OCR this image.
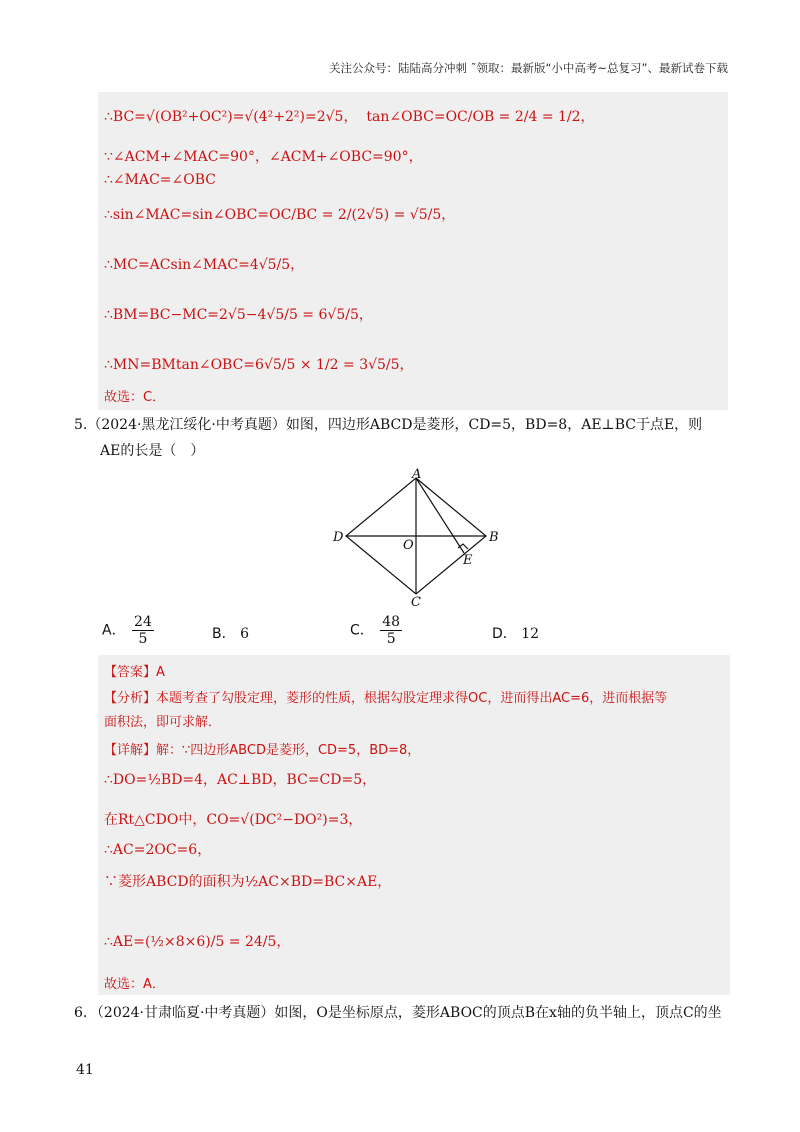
关注公众号：陆陆高分冲刺 ˜领取：最新版“小中高考~总复习”、最新试卷下载
∴BC=√(OB²+OC²)=√(4²+2²)=2√5， tan∠OBC=OC/OB = 2/4 = 1/2，
∵∠ACM+∠MAC=90°，∠ACM+∠OBC=90°，
∴∠MAC=∠OBC
∴sin∠MAC=sin∠OBC=OC/BC = 2/(2√5) = √5/5，
∴MC=ACsin∠MAC=4√5/5，
∴BM=BC−MC=2√5−4√5/5 = 6√5/5，
∴MN=BMtan∠OBC=6√5/5 × 1/2 = 3√5/5，
故选：C．
5.（2024·黑龙江绥化·中考真题）如图，四边形ABCD是菱形，CD=5，BD=8，AE⊥BC于点E，则
AE的长是（　）
A
B
C
D
O
E
A． $\frac{24}{5}$	B． 6	C． $\frac{48}{5}$	D． 12
【答案】A
【分析】本题考查了勾股定理，菱形的性质，根据勾股定理求得OC，进而得出AC=6，进而根据等
面积法，即可求解．
【详解】解：∵四边形ABCD是菱形，CD=5，BD=8，
∴DO=½BD=4，AC⊥BD，BC=CD=5，
在Rt△CDO中，CO=√(DC²−DO²)=3，
∴AC=2OC=6，
∵菱形ABCD的面积为½AC×BD=BC×AE，
∴AE=(½×8×6)/5 = 24/5，
故选：A．
6．（2024·甘肃临夏·中考真题）如图，O是坐标原点，菱形ABOC的顶点B在x轴的负半轴上，顶点C的坐
41
